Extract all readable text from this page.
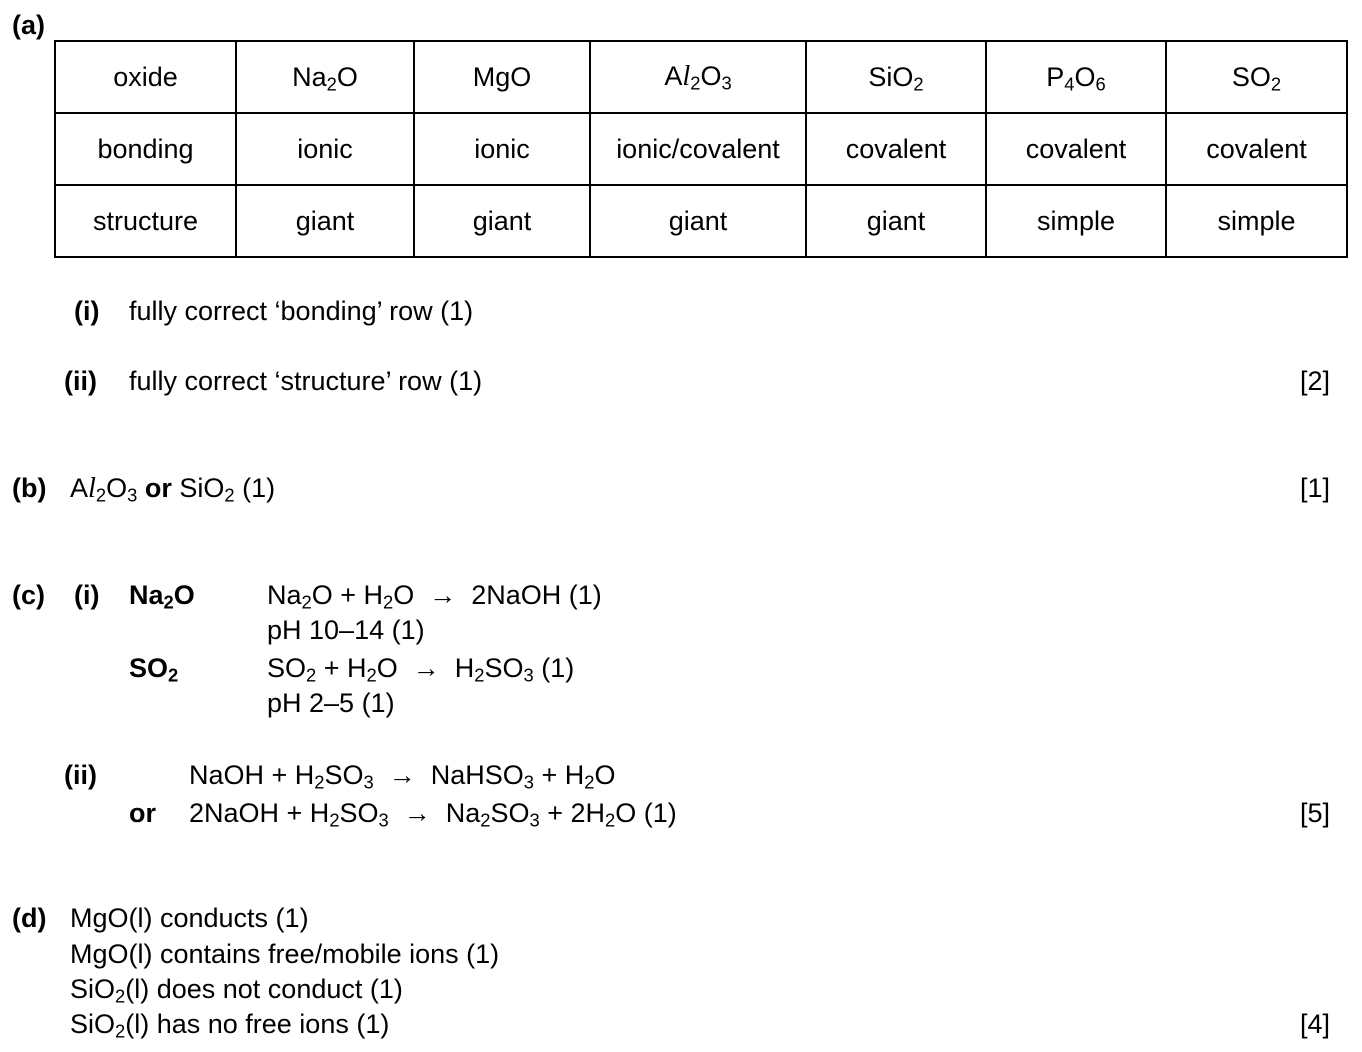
(a)
oxide	$Na_2O$	MgO	$Al_2O_3$	SiO$_2$	$P_4O_6$	$SO_2$
bonding	ionic	ionic	ionic/covalent	covalent	covalent	covalent
structure	giant	giant	giant	giant	simple	simple
(i) fully correct ‘bonding’ row (1)
(ii) fully correct ‘structure’ row (1)	[2]
(b) $Al_2O_3$ or SiO$_2$ (1)	[1]
(c) (i) $Na_2O$	$Na_2O + H_2O$  →  2NaOH (1)
pH 10–14 (1)
$SO_2$	$SO_2 + H_2O \to H_2SO_3$ (1)
pH 2–5 (1)
(ii)	NaOH + $H_2SO_3$  →  NaHSO$_3$ + $H_2O$
or 2NaOH + $H_2SO_3 \to Na_2SO_3 + 2H_2O$ (1)	[5]
(d) MgO(l) conducts (1)
MgO(l) contains free/mobile ions (1)
SiO$_2$(l) does not conduct (1)
SiO$_2$(l) has no free ions (1)	[4]
